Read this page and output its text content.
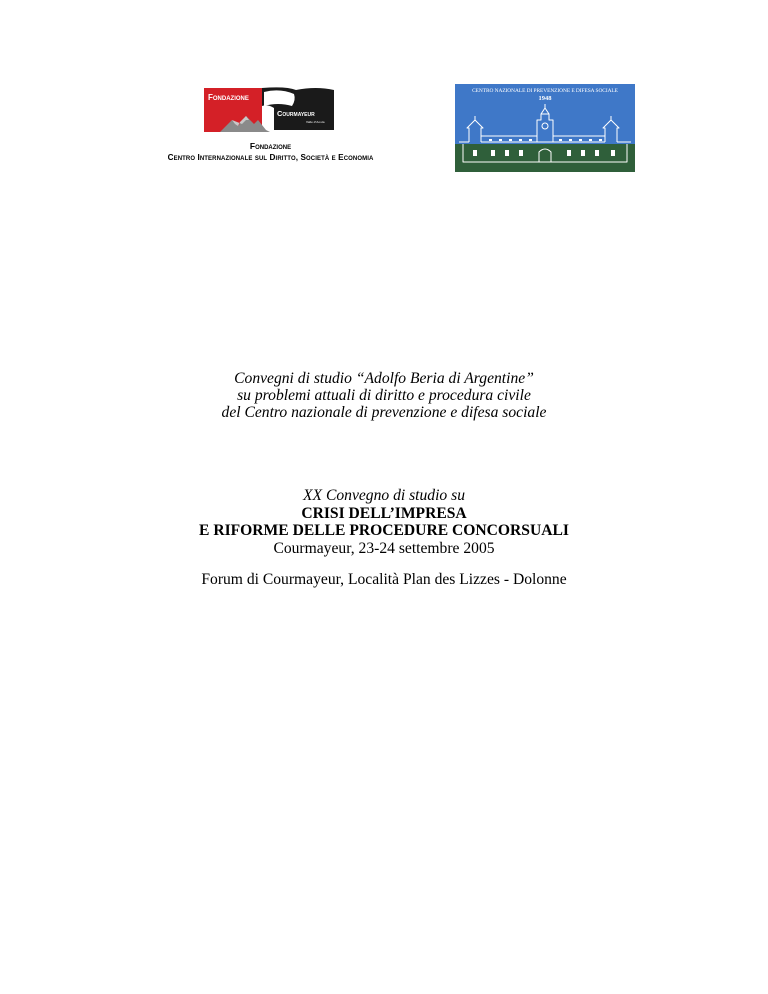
Fondazione
Courmayeur
Valle d'Aosta
Fondazione
Centro Internazionale sul Diritto, Società e Economia
CENTRO NAZIONALE DI PREVENZIONE E DIFESA SOCIALE
1948
Convegni di studio “Adolfo Beria di Argentine”
su problemi attuali di diritto e procedura civile
del Centro nazionale di prevenzione e difesa sociale
XX Convegno di studio su
CRISI DELL’IMPRESA
E RIFORME DELLE PROCEDURE CONCORSUALI
Courmayeur, 23-24 settembre 2005
Forum di Courmayeur, Località Plan des Lizzes - Dolonne
